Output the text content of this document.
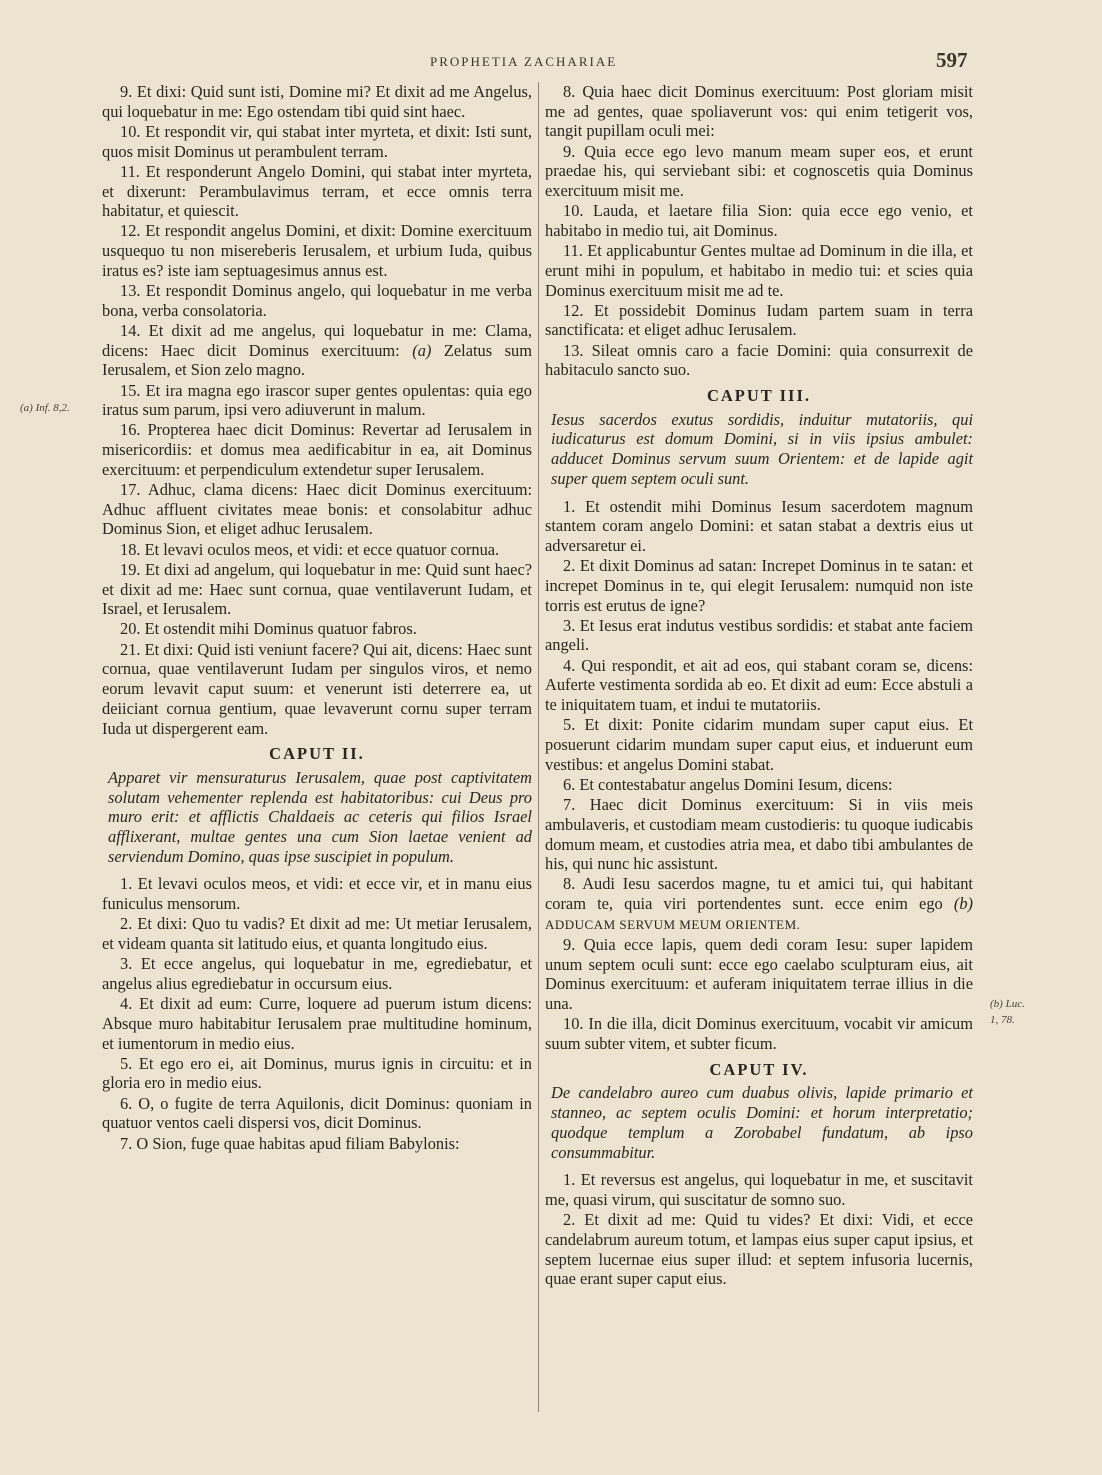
PROPHETIA ZACHARIAE	597
(a) Inf. 8,2.
(b) Luc.
1, 78.

9. Et dixi: Quid sunt isti, Domine mi? Et dixit ad me Angelus, qui loquebatur in me: Ego ostendam tibi quid sint haec.

10. Et respondit vir, qui stabat inter myrteta, et dixit: Isti sunt, quos misit Dominus ut perambulent terram.

11. Et responderunt Angelo Domini, qui stabat inter myrteta, et dixerunt: Perambulavimus terram, et ecce omnis terra habitatur, et quiescit.

12. Et respondit angelus Domini, et dixit: Domine exercituum usquequo tu non misereberis Ierusalem, et urbium Iuda, quibus iratus es? iste iam septuagesimus annus est.

13. Et respondit Dominus angelo, qui loquebatur in me verba bona, verba consolatoria.

14. Et dixit ad me angelus, qui loquebatur in me: Clama, dicens: Haec dicit Dominus exercituum: (a) Zelatus sum Ierusalem, et Sion zelo magno.

15. Et ira magna ego irascor super gentes opulentas: quia ego iratus sum parum, ipsi vero adiuverunt in malum.

16. Propterea haec dicit Dominus: Revertar ad Ierusalem in misericordiis: et domus mea aedificabitur in ea, ait Dominus exercituum: et perpendiculum extendetur super Ierusalem.

17. Adhuc, clama dicens: Haec dicit Dominus exercituum: Adhuc affluent civitates meae bonis: et consolabitur adhuc Dominus Sion, et eliget adhuc Ierusalem.

18. Et levavi oculos meos, et vidi: et ecce quatuor cornua.

19. Et dixi ad angelum, qui loquebatur in me: Quid sunt haec? et dixit ad me: Haec sunt cornua, quae ventilaverunt Iudam, et Israel, et Ierusalem.

20. Et ostendit mihi Dominus quatuor fabros.

21. Et dixi: Quid isti veniunt facere? Qui ait, dicens: Haec sunt cornua, quae ventilaverunt Iudam per singulos viros, et nemo eorum levavit caput suum: et venerunt isti deterrere ea, ut deiiciant cornua gentium, quae levaverunt cornu super terram Iuda ut dispergerent eam.

CAPUT II.

Apparet vir mensuraturus Ierusalem, quae post captivitatem solutam vehementer replenda est habitatoribus: cui Deus pro muro erit: et afflictis Chaldaeis ac ceteris qui filios Israel afflixerant, multae gentes una cum Sion laetae venient ad serviendum Domino, quas ipse suscipiet in populum.

1. Et levavi oculos meos, et vidi: et ecce vir, et in manu eius funiculus mensorum.

2. Et dixi: Quo tu vadis? Et dixit ad me: Ut metiar Ierusalem, et videam quanta sit latitudo eius, et quanta longitudo eius.

3. Et ecce angelus, qui loquebatur in me, egrediebatur, et angelus alius egrediebatur in occursum eius.

4. Et dixit ad eum: Curre, loquere ad puerum istum dicens: Absque muro habitabitur Ierusalem prae multitudine hominum, et iumentorum in medio eius.

5. Et ego ero ei, ait Dominus, murus ignis in circuitu: et in gloria ero in medio eius.

6. O, o fugite de terra Aquilonis, dicit Dominus: quoniam in quatuor ventos caeli dispersi vos, dicit Dominus.

7. O Sion, fuge quae habitas apud filiam Babylonis:

8. Quia haec dicit Dominus exercituum: Post gloriam misit me ad gentes, quae spoliaverunt vos: qui enim tetigerit vos, tangit pupillam oculi mei:

9. Quia ecce ego levo manum meam super eos, et erunt praedae his, qui serviebant sibi: et cognoscetis quia Dominus exercituum misit me.

10. Lauda, et laetare filia Sion: quia ecce ego venio, et habitabo in medio tui, ait Dominus.

11. Et applicabuntur Gentes multae ad Dominum in die illa, et erunt mihi in populum, et habitabo in medio tui: et scies quia Dominus exercituum misit me ad te.

12. Et possidebit Dominus Iudam partem suam in terra sanctificata: et eliget adhuc Ierusalem.

13. Sileat omnis caro a facie Domini: quia consurrexit de habitaculo sancto suo.

CAPUT III.

Iesus sacerdos exutus sordidis, induitur mutatoriis, qui iudicaturus est domum Domini, si in viis ipsius ambulet: adducet Dominus servum suum Orientem: et de lapide agit super quem septem oculi sunt.

1. Et ostendit mihi Dominus Iesum sacerdotem magnum stantem coram angelo Domini: et satan stabat a dextris eius ut adversaretur ei.

2. Et dixit Dominus ad satan: Increpet Dominus in te satan: et increpet Dominus in te, qui elegit Ierusalem: numquid non iste torris est erutus de igne?

3. Et Iesus erat indutus vestibus sordidis: et stabat ante faciem angeli.

4. Qui respondit, et ait ad eos, qui stabant coram se, dicens: Auferte vestimenta sordida ab eo. Et dixit ad eum: Ecce abstuli a te iniquitatem tuam, et indui te mutatoriis.

5. Et dixit: Ponite cidarim mundam super caput eius. Et posuerunt cidarim mundam super caput eius, et induerunt eum vestibus: et angelus Domini stabat.

6. Et contestabatur angelus Domini Iesum, dicens:

7. Haec dicit Dominus exercituum: Si in viis meis ambulaveris, et custodiam meam custodieris: tu quoque iudicabis domum meam, et custodies atria mea, et dabo tibi ambulantes de his, qui nunc hic assistunt.

8. Audi Iesu sacerdos magne, tu et amici tui, qui habitant coram te, quia viri portendentes sunt. ecce enim ego (b) ADDUCAM SERVUM MEUM ORIENTEM.

9. Quia ecce lapis, quem dedi coram Iesu: super lapidem unum septem oculi sunt: ecce ego caelabo sculpturam eius, ait Dominus exercituum: et auferam iniquitatem terrae illius in die una.

10. In die illa, dicit Dominus exercituum, vocabit vir amicum suum subter vitem, et subter ficum.

CAPUT IV.

De candelabro aureo cum duabus olivis, lapide primario et stanneo, ac septem oculis Domini: et horum interpretatio; quodque templum a Zorobabel fundatum, ab ipso consummabitur.

1. Et reversus est angelus, qui loquebatur in me, et suscitavit me, quasi virum, qui suscitatur de somno suo.

2. Et dixit ad me: Quid tu vides? Et dixi: Vidi, et ecce candelabrum aureum totum, et lampas eius super caput ipsius, et septem lucernae eius super illud: et septem infusoria lucernis, quae erant super caput eius.
